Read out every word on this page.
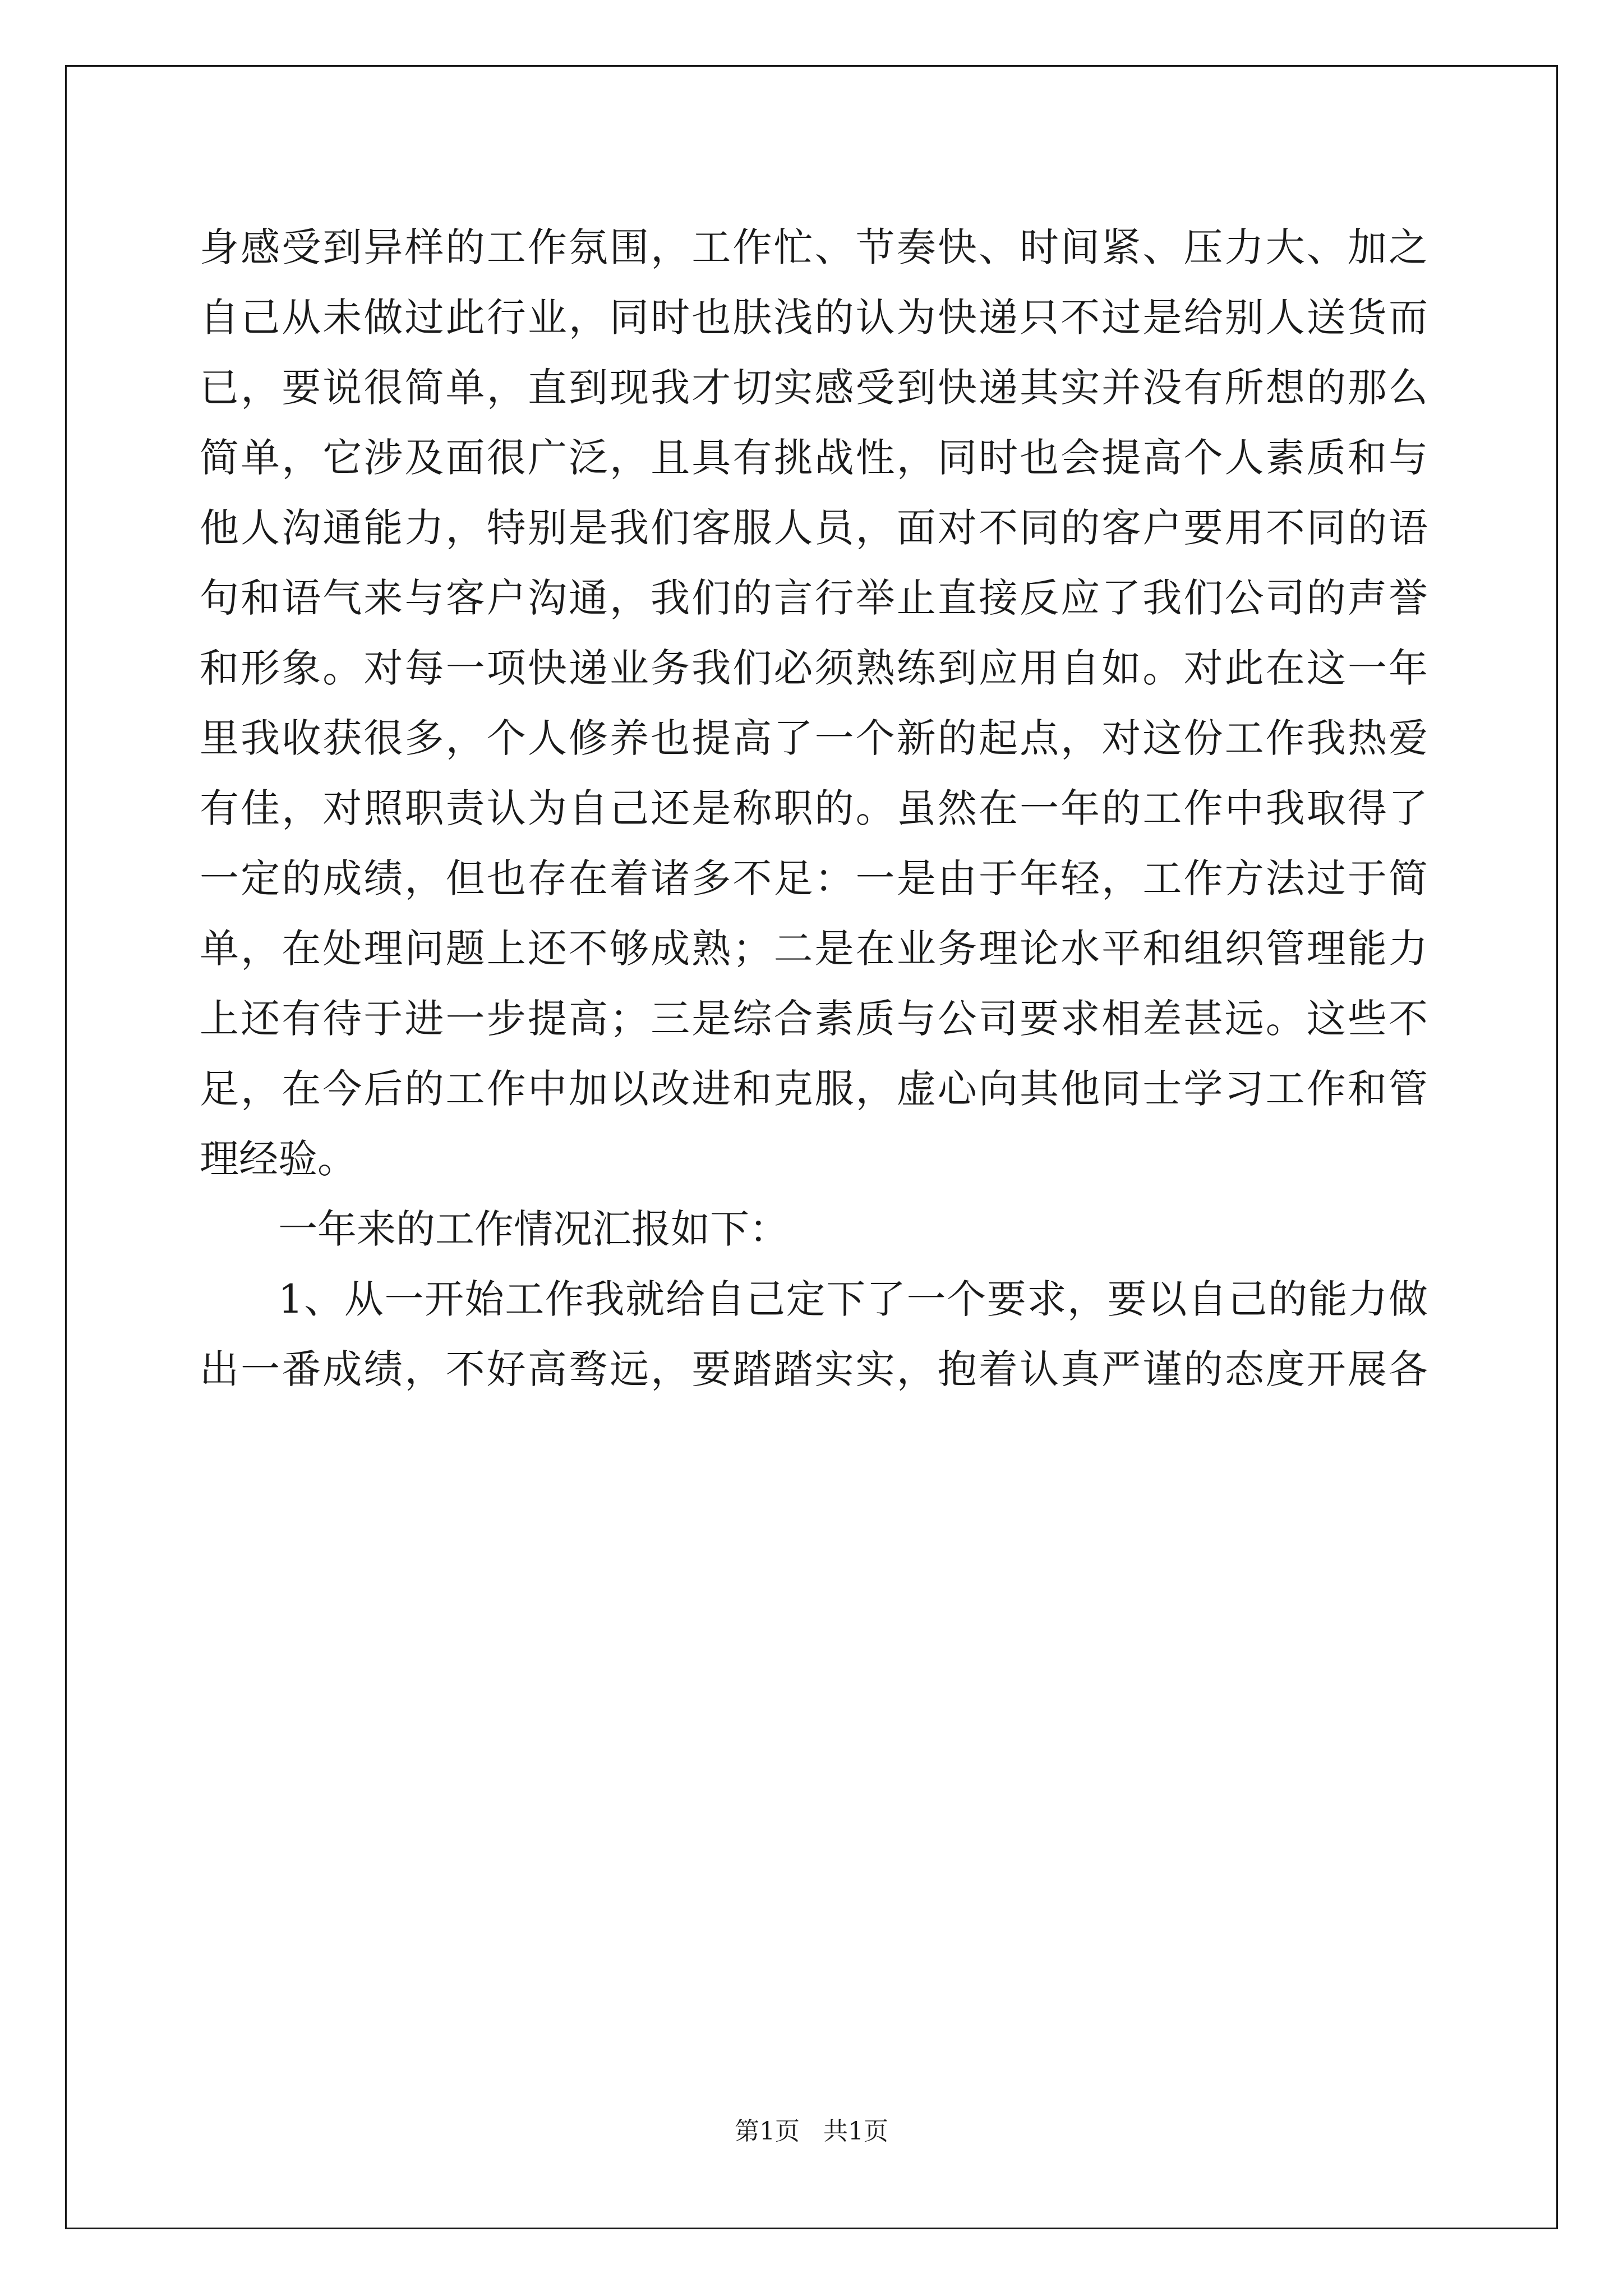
身感受到异样的工作氛围，工作忙、节奏快、时间紧、压力大、加之

自己从未做过此行业，同时也肤浅的认为快递只不过是给别人送货而

已，要说很简单，直到现我才切实感受到快递其实并没有所想的那么

简单，它涉及面很广泛，且具有挑战性，同时也会提高个人素质和与

他人沟通能力，特别是我们客服人员，面对不同的客户要用不同的语

句和语气来与客户沟通，我们的言行举止直接反应了我们公司的声誉

和形象。对每一项快递业务我们必须熟练到应用自如。对此在这一年

里我收获很多，个人修养也提高了一个新的起点，对这份工作我热爱

有佳，对照职责认为自己还是称职的。虽然在一年的工作中我取得了

一定的成绩，但也存在着诸多不足：一是由于年轻，工作方法过于简

单，在处理问题上还不够成熟；二是在业务理论水平和组织管理能力

上还有待于进一步提高；三是综合素质与公司要求相差甚远。这些不

足，在今后的工作中加以改进和克服，虚心向其他同士学习工作和管

理经验。

一年来的工作情况汇报如下：

1、从一开始工作我就给自己定下了一个要求，要以自己的能力做

出一番成绩，不好高骛远，要踏踏实实，抱着认真严谨的态度开展各

第1页   共1页
